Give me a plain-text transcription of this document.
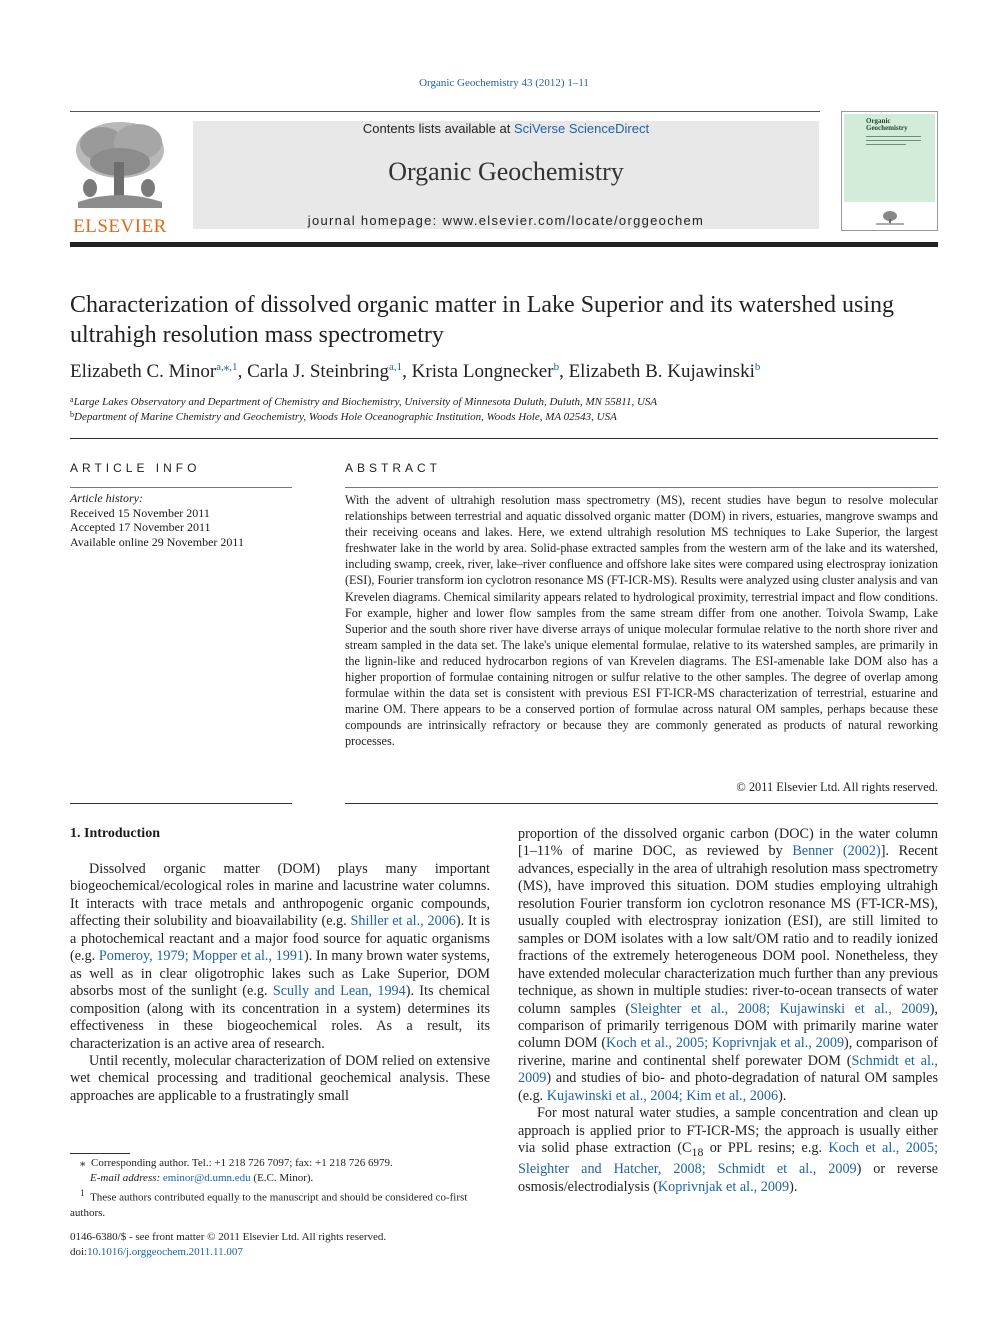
Organic Geochemistry 43 (2012) 1–11
ELSEVIER
Contents lists available at SciVerse ScienceDirect
Organic Geochemistry
journal homepage: www.elsevier.com/locate/orggeochem
Organic Geochemistry
Characterization of dissolved organic matter in Lake Superior and its watershed using ultrahigh resolution mass spectrometry
Elizabeth C. Minor$^{a,⁎,1}$, Carla J. Steinbring$^{a,1}$, Krista Longnecker$^b$, Elizabeth B. Kujawinski$^b$
$^a$Large Lakes Observatory and Department of Chemistry and Biochemistry, University of Minnesota Duluth, Duluth, MN 55811, USA
$^b$Department of Marine Chemistry and Geochemistry, Woods Hole Oceanographic Institution, Woods Hole, MA 02543, USA
ARTICLE INFO
Article history:
Received 15 November 2011
Accepted 17 November 2011
Available online 29 November 2011
ABSTRACT
With the advent of ultrahigh resolution mass spectrometry (MS), recent studies have begun to resolve molecular relationships between terrestrial and aquatic dissolved organic matter (DOM) in rivers, estuaries, mangrove swamps and their receiving oceans and lakes. Here, we extend ultrahigh resolution MS techniques to Lake Superior, the largest freshwater lake in the world by area. Solid-phase extracted samples from the western arm of the lake and its watershed, including swamp, creek, river, lake–river confluence and offshore lake sites were compared using electrospray ionization (ESI), Fourier transform ion cyclotron resonance MS (FT-ICR-MS). Results were analyzed using cluster analysis and van Krevelen diagrams. Chemical similarity appears related to hydrological proximity, terrestrial impact and flow conditions. For example, higher and lower flow samples from the same stream differ from one another. Toivola Swamp, Lake Superior and the south shore river have diverse arrays of unique molecular formulae relative to the north shore river and stream sampled in the data set. The lake's unique elemental formulae, relative to its watershed samples, are primarily in the lignin-like and reduced hydrocarbon regions of van Krevelen diagrams. The ESI-amenable lake DOM also has a higher proportion of formulae containing nitrogen or sulfur relative to the other samples. The degree of overlap among formulae within the data set is consistent with previous ESI FT-ICR-MS characterization of terrestrial, estuarine and marine OM. There appears to be a conserved portion of formulae across natural OM samples, perhaps because these compounds are intrinsically refractory or because they are commonly generated as products of natural reworking processes.
© 2011 Elsevier Ltd. All rights reserved.
1. Introduction

Dissolved organic matter (DOM) plays many important biogeochemical/ecological roles in marine and lacustrine water columns. It interacts with trace metals and anthropogenic organic compounds, affecting their solubility and bioavailability (e.g. Shiller et al., 2006). It is a photochemical reactant and a major food source for aquatic organisms (e.g. Pomeroy, 1979; Mopper et al., 1991). In many brown water systems, as well as in clear oligotrophic lakes such as Lake Superior, DOM absorbs most of the sunlight (e.g. Scully and Lean, 1994). Its chemical composition (along with its concentration in a system) determines its effectiveness in these biogeochemical roles. As a result, its characterization is an active area of research.

Until recently, molecular characterization of DOM relied on extensive wet chemical processing and traditional geochemical analysis. These approaches are applicable to a frustratingly small

proportion of the dissolved organic carbon (DOC) in the water column [1–11% of marine DOC, as reviewed by Benner (2002)]. Recent advances, especially in the area of ultrahigh resolution mass spectrometry (MS), have improved this situation. DOM studies employing ultrahigh resolution Fourier transform ion cyclotron resonance MS (FT-ICR-MS), usually coupled with electrospray ionization (ESI), are still limited to samples or DOM isolates with a low salt/OM ratio and to readily ionized fractions of the extremely heterogeneous DOM pool. Nonetheless, they have extended molecular characterization much further than any previous technique, as shown in multiple studies: river-to-ocean transects of water column samples (Sleighter et al., 2008; Kujawinski et al., 2009), comparison of primarily terrigenous DOM with primarily marine water column DOM (Koch et al., 2005; Koprivnjak et al., 2009), comparison of riverine, marine and continental shelf porewater DOM (Schmidt et al., 2009) and studies of bio- and photo-degradation of natural OM samples (e.g. Kujawinski et al., 2004; Kim et al., 2006).

For most natural water studies, a sample concentration and clean up approach is applied prior to FT-ICR-MS; the approach is usually either via solid phase extraction ($C_{18}$ or PPL resins; e.g. Koch et al., 2005; Sleighter and Hatcher, 2008; Schmidt et al., 2009) or reverse osmosis/electrodialysis (Koprivnjak et al., 2009).

⁎ Corresponding author. Tel.: +1 218 726 7097; fax: +1 218 726 6979.
E-mail address: eminor@d.umn.edu (E.C. Minor).
$^1$ These authors contributed equally to the manuscript and should be considered co-first authors.
0146-6380/$ - see front matter © 2011 Elsevier Ltd. All rights reserved.
doi:10.1016/j.orggeochem.2011.11.007
